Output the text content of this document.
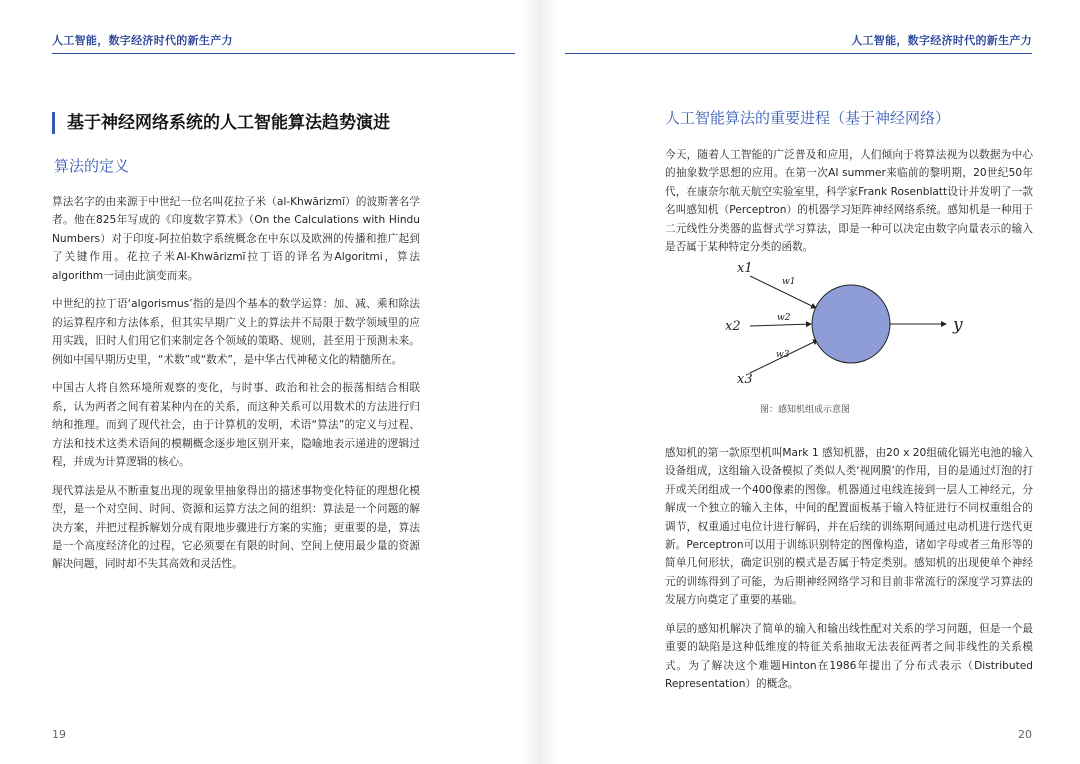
人工智能，数字经济时代的新生产力	人工智能，数字经济时代的新生产力
基于神经网络系统的人工智能算法趋势演进
算法的定义

算法名字的由来源于中世纪一位名叫花拉子米（al-Khwārizmī）的波斯著名学者。他在825年写成的《印度数字算术》（On the Calculations with Hindu Numbers）对于印度-阿拉伯数字系统概念在中东以及欧洲的传播和推广起到了关键作用。花拉子米Al-Khwārizmī拉丁语的译名为Algoritmi，算法algorithm一词由此演变而来。

中世纪的拉丁语‘algorismus’指的是四个基本的数学运算：加、减、乘和除法的运算程序和方法体系，但其实早期广义上的算法并不局限于数学领域里的应用实践，旧时人们用它们来制定各个领域的策略、规则，甚至用于预测未来。例如中国早期历史里，“术数”或“数术”，是中华古代神秘文化的精髓所在。

中国古人将自然环境所观察的变化，与时事、政治和社会的振荡相结合相联系，认为两者之间有着某种内在的关系，而这种关系可以用数术的方法进行归纳和推理。而到了现代社会，由于计算机的发明，术语“算法”的定义与过程、方法和技术这类术语间的模糊概念逐步地区别开来，隐喻地表示递进的逻辑过程，并成为计算逻辑的核心。

现代算法是从不断重复出现的现象里抽象得出的描述事物变化特征的理想化模型，是一个对空间、时间、资源和运算方法之间的组织：算法是一个问题的解决方案，并把过程拆解划分成有限地步骤进行方案的实施；更重要的是，算法是一个高度经济化的过程，它必须要在有限的时间、空间上使用最少量的资源解决问题，同时却不失其高效和灵活性。

19
人工智能算法的重要进程（基于神经网络）

今天，随着人工智能的广泛普及和应用，人们倾向于将算法视为以数据为中心的抽象数学思想的应用。在第一次AI summer来临前的黎明期，20世纪50年代，在康奈尔航天航空实验室里，科学家Frank Rosenblatt设计并发明了一款名叫感知机（Perceptron）的机器学习矩阵神经网络系统。感知机是一种用于二元线性分类器的监督式学习算法，即是一种可以决定由数字向量表示的输入是否属于某种特定分类的函数。

x1
x2
x3
w1
w2
w3
y
图：感知机组成示意图

感知机的第一款原型机叫Mark 1 感知机器，由20 x 20组硫化镉光电池的输入设备组成，这组输入设备模拟了类似人类‘视网膜’的作用，目的是通过灯泡的打开或关闭组成一个400像素的图像。机器通过电线连接到一层人工神经元，分解成一个独立的输入主体，中间的配置面板基于输入特征进行不同权重组合的调节，权重通过电位计进行解码，并在后续的训练期间通过电动机进行迭代更新。Perceptron可以用于训练识别特定的图像构造，诸如字母或者三角形等的简单几何形状，确定识别的模式是否属于特定类别。感知机的出现使单个神经元的训练得到了可能，为后期神经网络学习和目前非常流行的深度学习算法的发展方向奠定了重要的基础。

单层的感知机解决了简单的输入和输出线性配对关系的学习问题，但是一个最重要的缺陷是这种低维度的特征关系抽取无法表征两者之间非线性的关系模式。为了解决这个难题Hinton在1986年提出了分布式表示（Distributed Representation）的概念。

20
